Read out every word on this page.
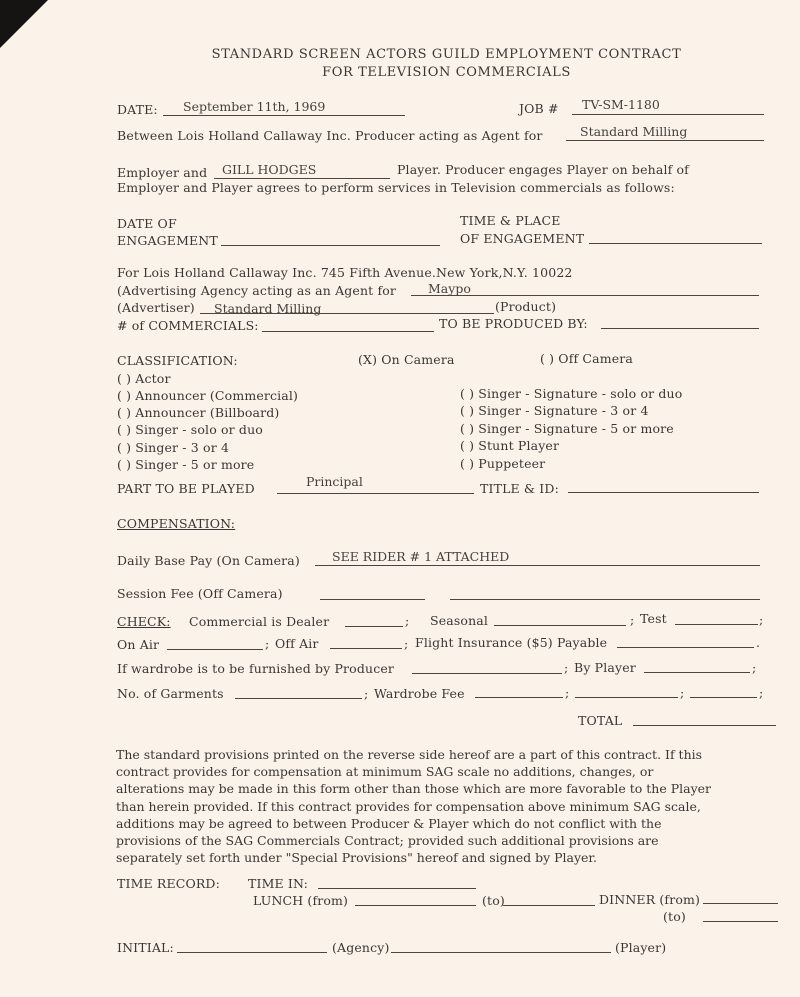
STANDARD SCREEN ACTORS GUILD EMPLOYMENT CONTRACT
FOR TELEVISION COMMERCIALS
DATE: September 11th, 1969	JOB # TV-SM-1180
Between Lois Holland Callaway Inc. Producer acting as Agent for	Standard Milling
Employer and GILL HODGES	Player. Producer engages Player on behalf of
Employer and Player agrees to perform services in Television commercials as follows:
DATE OF
ENGAGEMENT
TIME & PLACE
OF ENGAGEMENT
For Lois Holland Callaway Inc. 745 Fifth Avenue.New York,N.Y. 10022
(Advertising Agency acting as an Agent for	Maypo
(Advertiser) Standard Milling	(Product)
# of COMMERCIALS:	TO BE PRODUCED BY:
CLASSIFICATION:	(X) On Camera	( ) Off Camera
( ) Actor
( ) Announcer (Commercial)
( ) Announcer (Billboard)
( ) Singer - solo or duo
( ) Singer - 3 or 4
( ) Singer - 5 or more
( ) Singer - Signature - solo or duo
( ) Singer - Signature - 3 or 4
( ) Singer - Signature - 5 or more
( ) Stunt Player
( ) Puppeteer
PART TO BE PLAYED	Principal	TITLE & ID:
COMPENSATION:
Daily Base Pay (On Camera)	SEE RIDER # 1 ATTACHED
Session Fee (Off Camera)
CHECK: Commercial is Dealer	; Seasonal	; Test	;
On Air	; Off Air	; Flight Insurance ($5) Payable	.
If wardrobe is to be furnished by Producer	; By Player	;
No. of Garments	; Wardrobe Fee	;	;	;
TOTAL
The standard provisions printed on the reverse side hereof are a part of this contract. If this
contract provides for compensation at minimum SAG scale no additions, changes, or
alterations may be made in this form other than those which are more favorable to the Player
than herein provided. If this contract provides for compensation above minimum SAG scale,
additions may be agreed to between Producer & Player which do not conflict with the
provisions of the SAG Commercials Contract; provided such additional provisions are
separately set forth under "Special Provisions" hereof and signed by Player.
TIME RECORD: TIME IN:
LUNCH (from)	(to)	DINNER (from)
(to)
INITIAL:	(Agency)	(Player)
